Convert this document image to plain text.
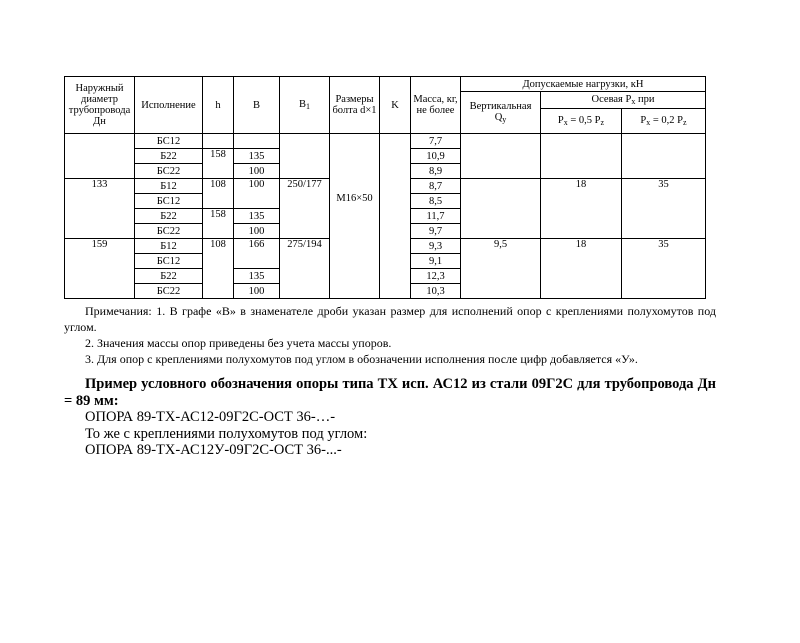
Наружный диаметр трубопровода Дн	Исполнение	h	B	$B_1$	Размеры болта d×1	K	Масса, кг, не более	Допускаемые нагрузки, кН		
								Вертикальная $Q_y$	Осевая $P_x$ при	
									$P_x = 0,5$ $P_z$	$P_x = 0,2$ $P_z$
	БС12				М16×50		7,7			
	Б22	158	135				10,9			
	БС22		100				8,9			
133	Б12	108	100	250/177			8,7		18	35
	БС12						8,5			
	Б22	158	135				11,7			
	БС22		100				9,7			
159	Б12	108	166	275/194			9,3	9,5	18	35
	БС12						9,1			
	Б22		135				12,3			
	БС22		100				10,3			

Примечания: 1. В графе «B» в знаменателе дроби указан размер для исполнений опор с креплениями полухомутов под углом.

2. Значения массы опор приведены без учета массы упоров.

3. Для опор с креплениями полухомутов под углом в обозначении исполнения после цифр добавляется «У».

Пример условного обозначения опоры типа ТХ исп. АС12 из стали 09Г2С для трубопровода Дн = 89 мм:

ОПОРА 89-ТХ-АС12-09Г2С-ОСТ 36-…-

То же с креплениями полухомутов под углом:

ОПОРА 89-ТХ-АС12У-09Г2С-ОСТ 36-...-
